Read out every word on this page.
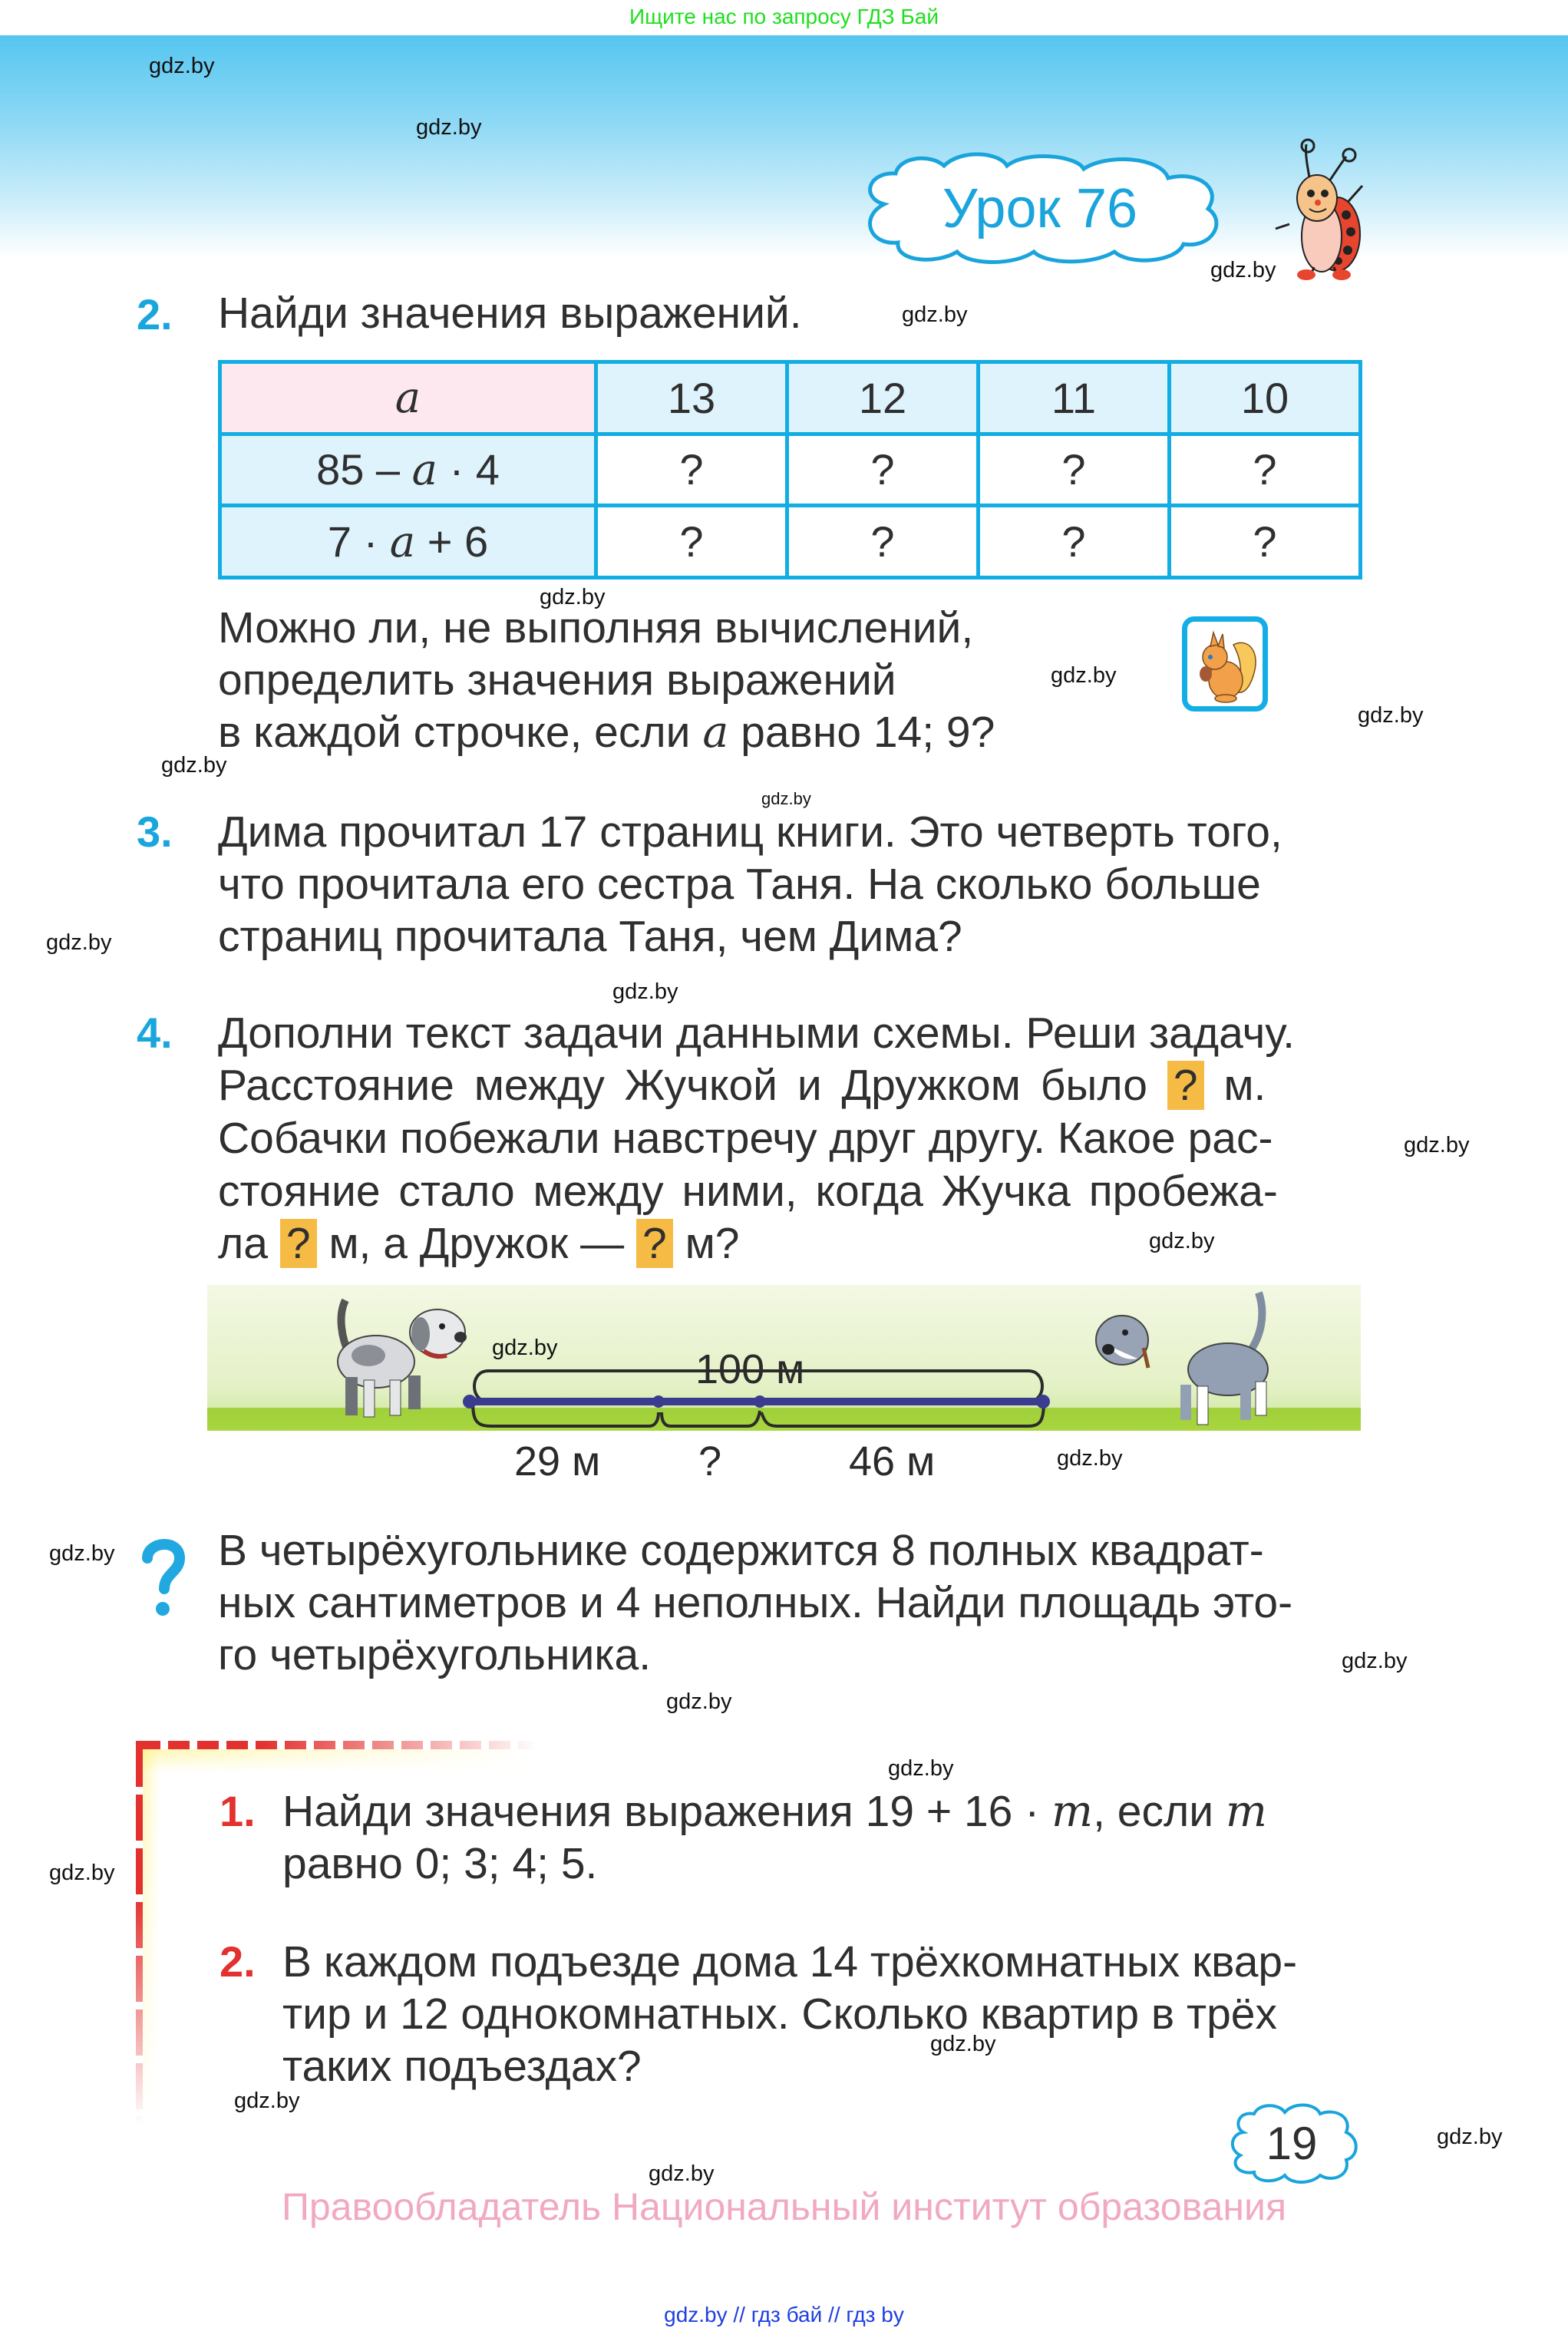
Ищите нас по запросу ГДЗ Бай
Урок 76
2. Найди значения выражений.
a	13	12	11	10
85 – a · 4	?	?	?	?
7 · a + 6	?	?	?	?
Можно ли, не выполняя вычислений,
определить значения выражений
в каждой строчке, если a равно 14; 9?
3. Дима прочитал 17 страниц книги. Это четверть того,
что прочитала его сестра Таня. На сколько больше
страниц прочитала Таня, чем Дима?
4. Дополни текст задачи данными схемы. Реши задачу.
Расстояние между Жучкой и Дружком было ? м.
Собачки побежали навстречу друг другу. Какое рас-
стояние стало между ними, когда Жучка пробежа-
ла ? м, а Дружок — ? м?
100 м
29 м ?	46 м
В четырёхугольнике содержится 8 полных квадрат-
ных сантиметров и 4 неполных. Найди площадь это-
го четырёхугольника.
1. Найди значения выражения 19 + 16 · m, если m
равно 0; 3; 4; 5.
2. В каждом подъезде дома 14 трёхкомнатных квар-
тир и 12 однокомнатных. Сколько квартир в трёх
таких подъездах?
19
Правообладатель Национальный институт образования
gdz.by // гдз бай // гдз by
gdz.by
gdz.by
gdz.by
gdz.by
gdz.by
gdz.by
gdz.by
gdz.by
gdz.by
gdz.by
gdz.by
gdz.by
gdz.by
gdz.by
gdz.by
gdz.by
gdz.by
gdz.by
gdz.by
gdz.by
gdz.by
gdz.by
gdz.by
gdz.by
